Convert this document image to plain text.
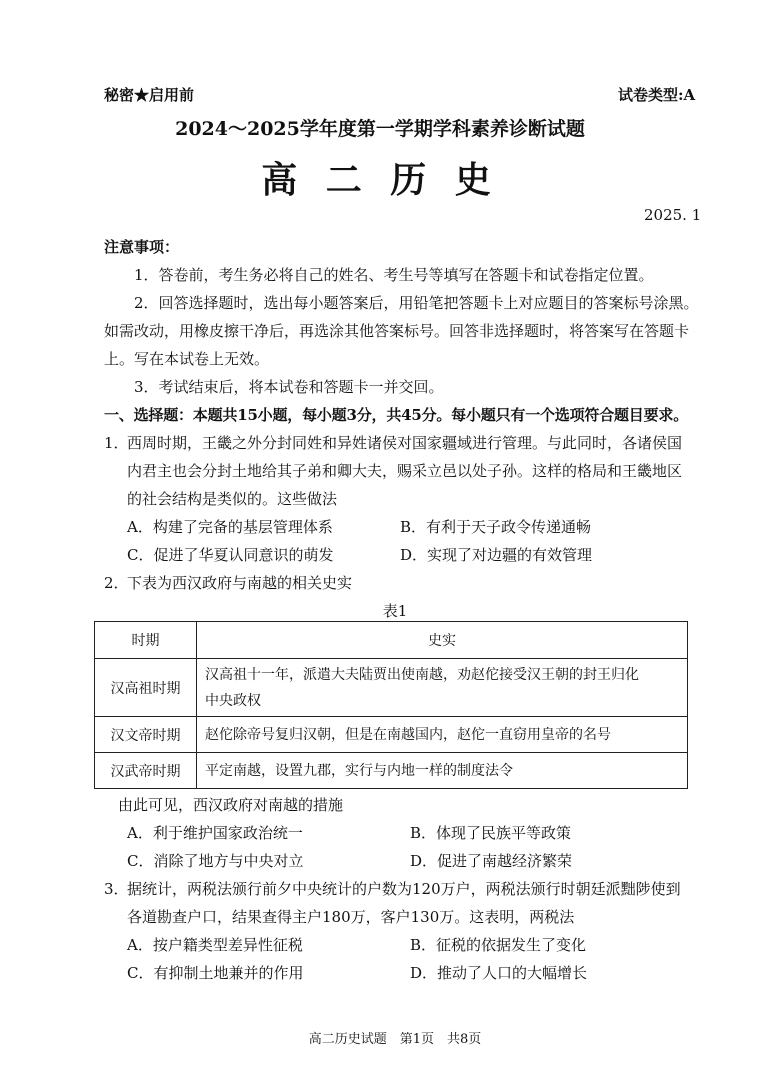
秘密★启用前	试卷类型:A
2024～2025学年度第一学期学科素养诊断试题
高 二 历 史
2025. 1
注意事项：
1．答卷前，考生务必将自己的姓名、考生号等填写在答题卡和试卷指定位置。
2．回答选择题时，选出每小题答案后，用铅笔把答题卡上对应题目的答案标号涂黑。
如需改动，用橡皮擦干净后，再选涂其他答案标号。回答非选择题时，将答案写在答题卡
上。写在本试卷上无效。
3．考试结束后，将本试卷和答题卡一并交回。
一、选择题：本题共15小题，每小题3分，共45分。每小题只有一个选项符合题目要求。
1．
西周时期，王畿之外分封同姓和异姓诸侯对国家疆域进行管理。与此同时，各诸侯国
内君主也会分封土地给其子弟和卿大夫，赐采立邑以处子孙。这样的格局和王畿地区
的社会结构是类似的。这些做法
A．构建了完备的基层管理体系	B．有利于天子政令传递通畅
C．促进了华夏认同意识的萌发	D．实现了对边疆的有效管理
2．
下表为西汉政府与南越的相关史实
表1
时期	史实
汉高祖时期	汉高祖十一年，派遣大夫陆贾出使南越，劝赵佗接受汉王朝的封王归化
中央政权

汉文帝时期	赵佗除帝号复归汉朝，但是在南越国内，赵佗一直窃用皇帝的名号
汉武帝时期	平定南越，设置九郡，实行与内地一样的制度法令
由此可见，西汉政府对南越的措施
A．利于维护国家政治统一	B．体现了民族平等政策
C．消除了地方与中央对立	D．促进了南越经济繁荣
3．
据统计，两税法颁行前夕中央统计的户数为120万户，两税法颁行时朝廷派黜陟使到
各道勘查户口，结果查得主户180万，客户130万。这表明，两税法
A．按户籍类型差异性征税	B．征税的依据发生了变化
C．有抑制土地兼并的作用	D．推动了人口的大幅增长
高二历史试题　第1页　共8页
